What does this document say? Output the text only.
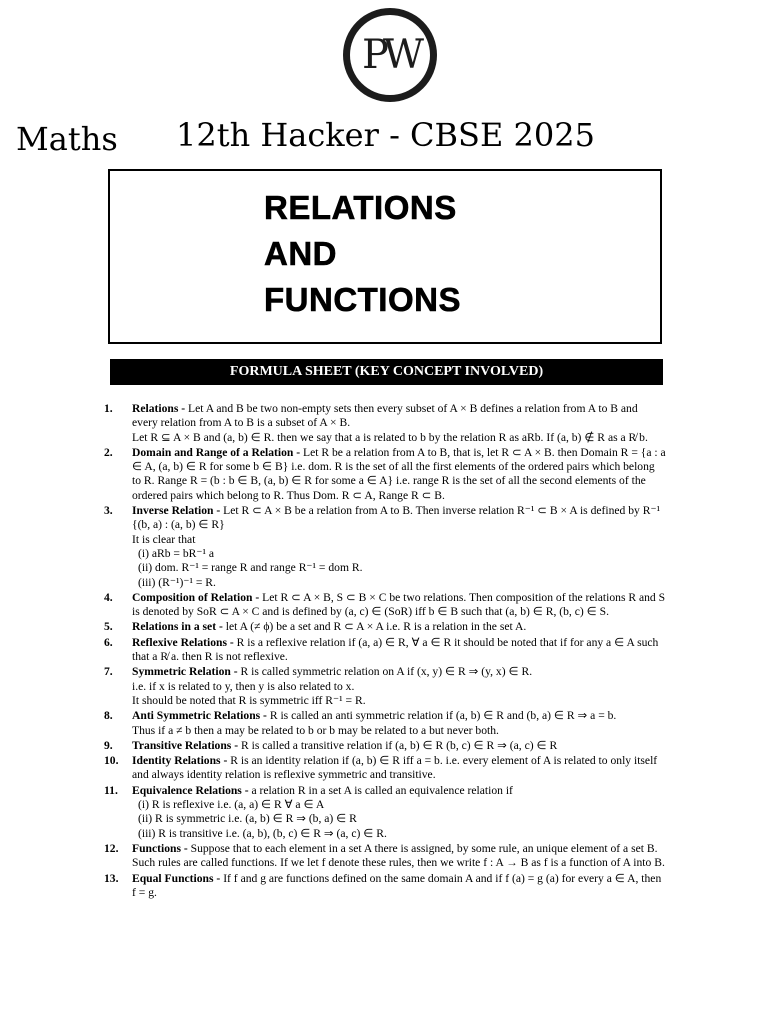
PW
Maths 12th Hacker - CBSE 2025
RELATIONS
AND
FUNCTIONS
FORMULA SHEET (KEY CONCEPT INVOLVED)
1.	Relations - Let A and B be two non-empty sets then every subset of A × B defines a relation from A to B and every relation from A to B is a subset of A × B.
Let R ⊆ A × B and (a, b) ∈ R. then we say that a is related to b by the relation R as aRb. If (a, b) ∉ R as a R̸ b.
2.	Domain and Range of a Relation - Let R be a relation from A to B, that is, let R ⊂ A × B. then Domain R = {a : a ∈ A, (a, b) ∈ R for some b ∈ B} i.e. dom. R is the set of all the first elements of the ordered pairs which belong to R. Range R = (b : b ∈ B, (a, b) ∈ R for some a ∈ A} i.e. range R is the set of all the second elements of the ordered pairs which belong to R. Thus Dom. R ⊂ A, Range R ⊂ B.
3.	Inverse Relation - Let R ⊂ A × B be a relation from A to B. Then inverse relation R⁻¹ ⊂ B × A is defined by R⁻¹ {(b, a) : (a, b) ∈ R}
It is clear that
(i) aRb = bR⁻¹ a
(ii) dom. R⁻¹ = range R and range R⁻¹ = dom R.
(iii) (R⁻¹)⁻¹ = R.
4.	Composition of Relation - Let R ⊂ A × B, S ⊂ B × C be two relations. Then composition of the relations R and S is denoted by SoR ⊂ A × C and is defined by (a, c) ∈ (SoR) iff b ∈ B such that (a, b) ∈ R, (b, c) ∈ S.
5.	Relations in a set - let A (≠ ϕ) be a set and R ⊂ A × A i.e. R is a relation in the set A.
6.	Reflexive Relations - R is a reflexive relation if (a, a) ∈ R, ∀ a ∈ R it should be noted that if for any a ∈ A such that a R̸ a. then R is not reflexive.
7.	Symmetric Relation - R is called symmetric relation on A if (x, y) ∈ R ⇒ (y, x) ∈ R.
i.e. if x is related to y, then y is also related to x.
It should be noted that R is symmetric iff R⁻¹ = R.
8.	Anti Symmetric Relations - R is called an anti symmetric relation if (a, b) ∈ R and (b, a) ∈ R ⇒ a = b.
Thus if a ≠ b then a may be related to b or b may be related to a but never both.
9.	Transitive Relations - R is called a transitive relation if (a, b) ∈ R (b, c) ∈ R ⇒ (a, c) ∈ R
10.	Identity Relations - R is an identity relation if (a, b) ∈ R iff a = b. i.e. every element of A is related to only itself and always identity relation is reflexive symmetric and transitive.
11.	Equivalence Relations - a relation R in a set A is called an equivalence relation if
(i) R is reflexive i.e. (a, a) ∈ R ∀ a ∈ A
(ii) R is symmetric i.e. (a, b) ∈ R ⇒ (b, a) ∈ R
(iii) R is transitive i.e. (a, b), (b, c) ∈ R ⇒ (a, c) ∈ R.
12.	Functions - Suppose that to each element in a set A there is assigned, by some rule, an unique element of a set B. Such rules are called functions. If we let f denote these rules, then we write f : A → B as f is a function of A into B.
13.	Equal Functions - If f and g are functions defined on the same domain A and if f (a) = g (a) for every a ∈ A, then f = g.
